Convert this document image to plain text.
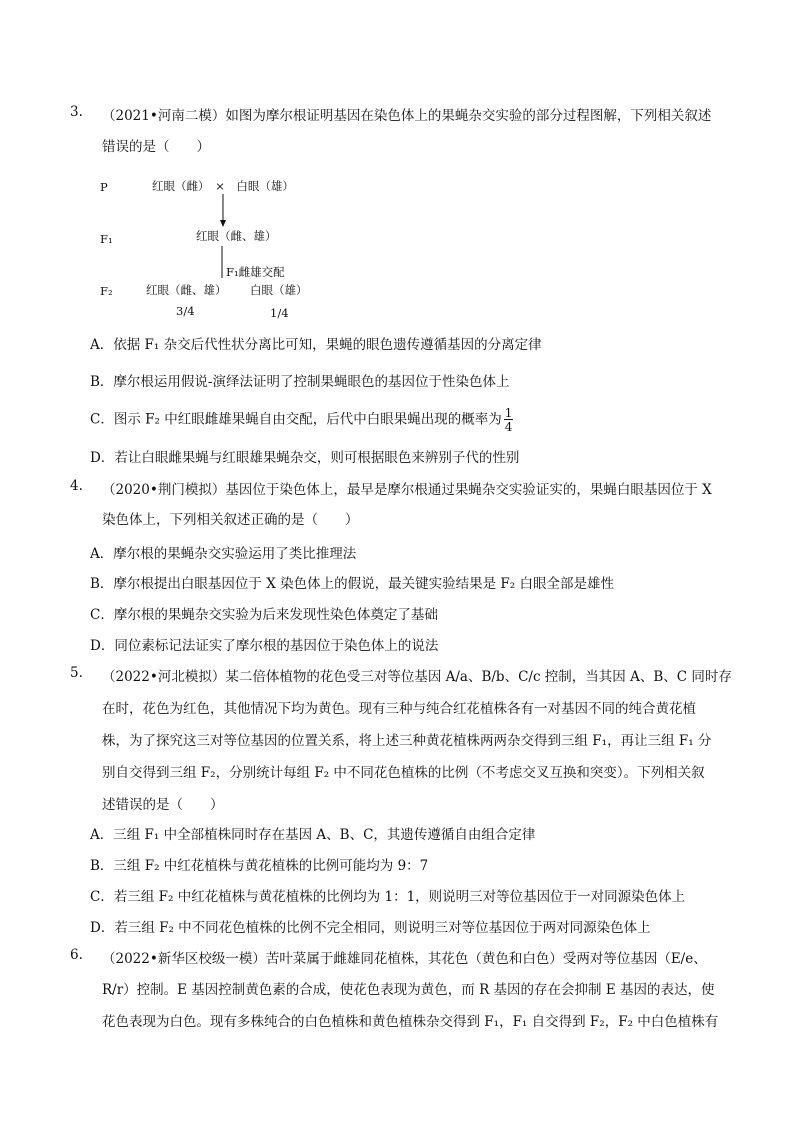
3. （2021•河南二模）如图为摩尔根证明基因在染色体上的果蝇杂交实验的部分过程图解，下列相关叙述
错误的是（　　）
P	红眼（雌）　×　白眼（雄）
F₁	红眼（雌、雄）
F₁雌雄交配
F₂	红眼（雌、雄） 白眼（雄）
3/4	1/4
A．依据 F₁ 杂交后代性状分离比可知，果蝇的眼色遗传遵循基因的分离定律
B．摩尔根运用假说-演绎法证明了控制果蝇眼色的基因位于性染色体上
C．图示 F₂ 中红眼雌雄果蝇自由交配，后代中白眼果蝇出现的概率为 $\frac{1}{4}$
D．若让白眼雌果蝇与红眼雄果蝇杂交，则可根据眼色来辨别子代的性别
4. （2020•荆门模拟）基因位于染色体上，最早是摩尔根通过果蝇杂交实验证实的，果蝇白眼基因位于 X
染色体上，下列相关叙述正确的是（　　）
A．摩尔根的果蝇杂交实验运用了类比推理法
B．摩尔根提出白眼基因位于 X 染色体上的假说，最关键实验结果是 F₂ 白眼全部是雄性
C．摩尔根的果蝇杂交实验为后来发现性染色体奠定了基础
D．同位素标记法证实了摩尔根的基因位于染色体上的说法
5. （2022•河北模拟）某二倍体植物的花色受三对等位基因 A/a、B/b、C/c 控制，当其因 A、B、C 同时存
在时，花色为红色，其他情况下均为黄色。现有三种与纯合红花植株各有一对基因不同的纯合黄花植
株，为了探究这三对等位基因的位置关系，将上述三种黄花植株两两杂交得到三组 F₁，再让三组 F₁ 分
别自交得到三组 F₂，分别统计每组 F₂ 中不同花色植株的比例（不考虑交叉互换和突变）。下列相关叙
述错误的是（　　）
A．三组 F₁ 中全部植株同时存在基因 A、B、C，其遗传遵循自由组合定律
B．三组 F₂ 中红花植株与黄花植株的比例可能均为 9：7
C．若三组 F₂ 中红花植株与黄花植株的比例均为 1：1，则说明三对等位基因位于一对同源染色体上
D．若三组 F₂ 中不同花色植株的比例不完全相同，则说明三对等位基因位于两对同源染色体上
6. （2022•新华区校级一模）苦叶菜属于雌雄同花植株，其花色（黄色和白色）受两对等位基因（E/e、
R/r）控制。E 基因控制黄色素的合成，使花色表现为黄色，而 R 基因的存在会抑制 E 基因的表达，使
花色表现为白色。现有多株纯合的白色植株和黄色植株杂交得到 F₁，F₁ 自交得到 F₂，F₂ 中白色植株有
